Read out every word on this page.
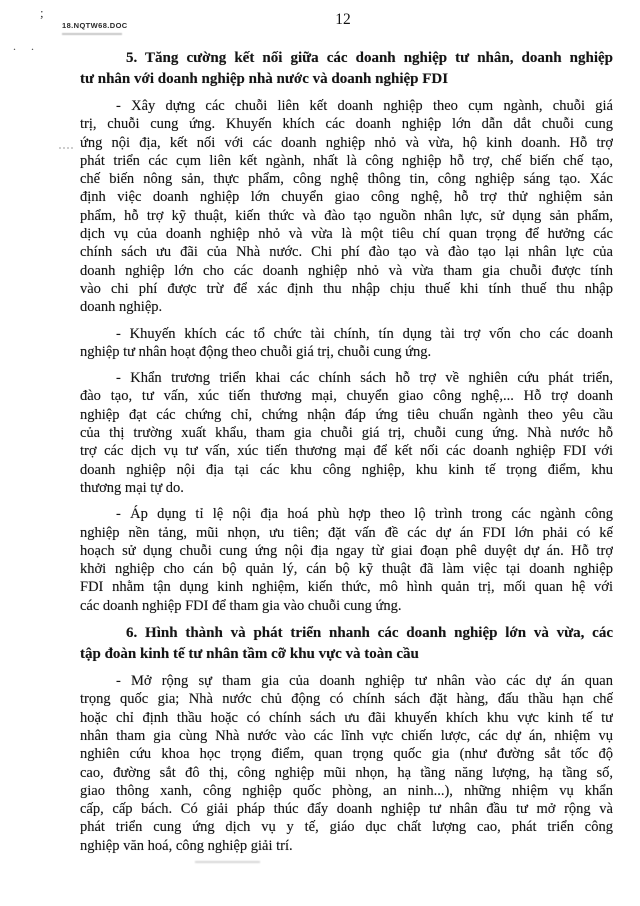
;
. .
18.NQTW68.DOC	12
5. Tăng cường kết nối giữa các doanh nghiệp tư nhân, doanh nghiệp
tư nhân với doanh nghiệp nhà nước và doanh nghiệp FDI
- Xây dựng các chuỗi liên kết doanh nghiệp theo cụm ngành, chuỗi giá
trị, chuỗi cung ứng. Khuyến khích các doanh nghiệp lớn dẫn dắt chuỗi cung
ứng nội địa, kết nối với các doanh nghiệp nhỏ và vừa, hộ kinh doanh. Hỗ trợ
phát triển các cụm liên kết ngành, nhất là công nghiệp hỗ trợ, chế biến chế tạo,
chế biến nông sản, thực phẩm, công nghệ thông tin, công nghiệp sáng tạo. Xác
định việc doanh nghiệp lớn chuyển giao công nghệ, hỗ trợ thử nghiệm sản
phẩm, hỗ trợ kỹ thuật, kiến thức và đào tạo nguồn nhân lực, sử dụng sản phẩm,
dịch vụ của doanh nghiệp nhỏ và vừa là một tiêu chí quan trọng để hưởng các
chính sách ưu đãi của Nhà nước. Chi phí đào tạo và đào tạo lại nhân lực của
doanh nghiệp lớn cho các doanh nghiệp nhỏ và vừa tham gia chuỗi được tính
vào chi phí được trừ để xác định thu nhập chịu thuế khi tính thuế thu nhập
doanh nghiệp.
- Khuyến khích các tổ chức tài chính, tín dụng tài trợ vốn cho các doanh
nghiệp tư nhân hoạt động theo chuỗi giá trị, chuỗi cung ứng.
- Khẩn trương triển khai các chính sách hỗ trợ về nghiên cứu phát triển,
đào tạo, tư vấn, xúc tiến thương mại, chuyển giao công nghệ,... Hỗ trợ doanh
nghiệp đạt các chứng chỉ, chứng nhận đáp ứng tiêu chuẩn ngành theo yêu cầu
của thị trường xuất khẩu, tham gia chuỗi giá trị, chuỗi cung ứng. Nhà nước hỗ
trợ các dịch vụ tư vấn, xúc tiến thương mại để kết nối các doanh nghiệp FDI với
doanh nghiệp nội địa tại các khu công nghiệp, khu kinh tế trọng điểm, khu
thương mại tự do.
- Áp dụng tỉ lệ nội địa hoá phù hợp theo lộ trình trong các ngành công
nghiệp nền tảng, mũi nhọn, ưu tiên; đặt vấn đề các dự án FDI lớn phải có kế
hoạch sử dụng chuỗi cung ứng nội địa ngay từ giai đoạn phê duyệt dự án. Hỗ trợ
khởi nghiệp cho cán bộ quản lý, cán bộ kỹ thuật đã làm việc tại doanh nghiệp
FDI nhằm tận dụng kinh nghiệm, kiến thức, mô hình quản trị, mối quan hệ với
các doanh nghiệp FDI để tham gia vào chuỗi cung ứng.
6. Hình thành và phát triển nhanh các doanh nghiệp lớn và vừa, các
tập đoàn kinh tế tư nhân tầm cỡ khu vực và toàn cầu
- Mở rộng sự tham gia của doanh nghiệp tư nhân vào các dự án quan
trọng quốc gia; Nhà nước chủ động có chính sách đặt hàng, đấu thầu hạn chế
hoặc chỉ định thầu hoặc có chính sách ưu đãi khuyến khích khu vực kinh tế tư
nhân tham gia cùng Nhà nước vào các lĩnh vực chiến lược, các dự án, nhiệm vụ
nghiên cứu khoa học trọng điểm, quan trọng quốc gia (như đường sắt tốc độ
cao, đường sắt đô thị, công nghiệp mũi nhọn, hạ tầng năng lượng, hạ tầng số,
giao thông xanh, công nghiệp quốc phòng, an ninh...), những nhiệm vụ khẩn
cấp, cấp bách. Có giải pháp thúc đẩy doanh nghiệp tư nhân đầu tư mở rộng và
phát triển cung ứng dịch vụ y tế, giáo dục chất lượng cao, phát triển công
nghiệp văn hoá, công nghiệp giải trí.
